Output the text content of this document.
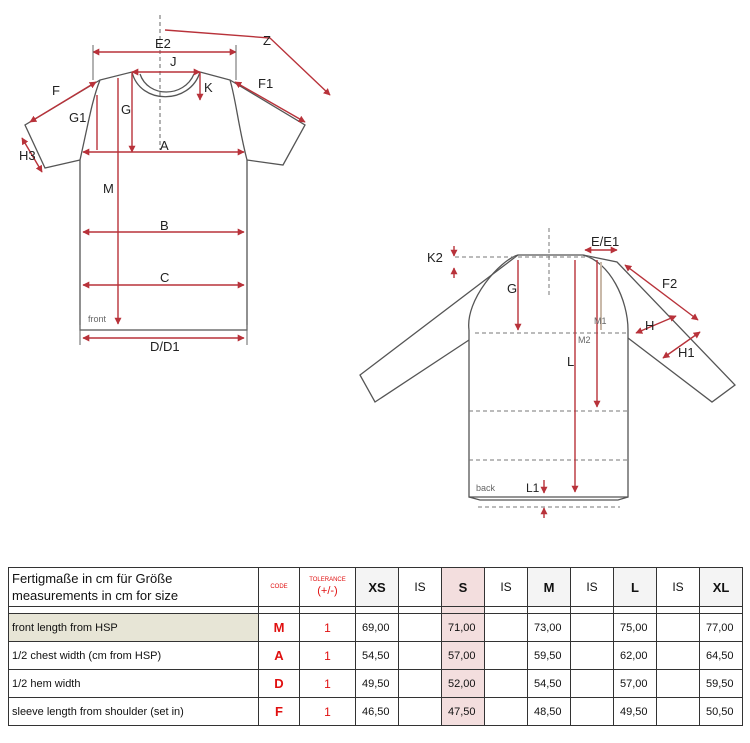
E2	Z
J
K
F	F1
G1
G
H3
A
M
B
C
front
D/D1
K2
E/E1
F2
G
M1
M2
H
H1
L
back	L1
Fertigmaße in cm für Größe
measurements in cm for size	CODE	TOLERANCE
(+/-)	XS	IS	S	IS	M	IS	L	IS	XL

front length from HSP	M	1	69,00		71,00		73,00		75,00		77,00
1/2 chest width (cm from HSP)	A	1	54,50		57,00		59,50		62,00		64,50
1/2 hem width	D	1	49,50		52,00		54,50		57,00		59,50
sleeve length from shoulder (set in)	F	1	46,50		47,50		48,50		49,50		50,50
